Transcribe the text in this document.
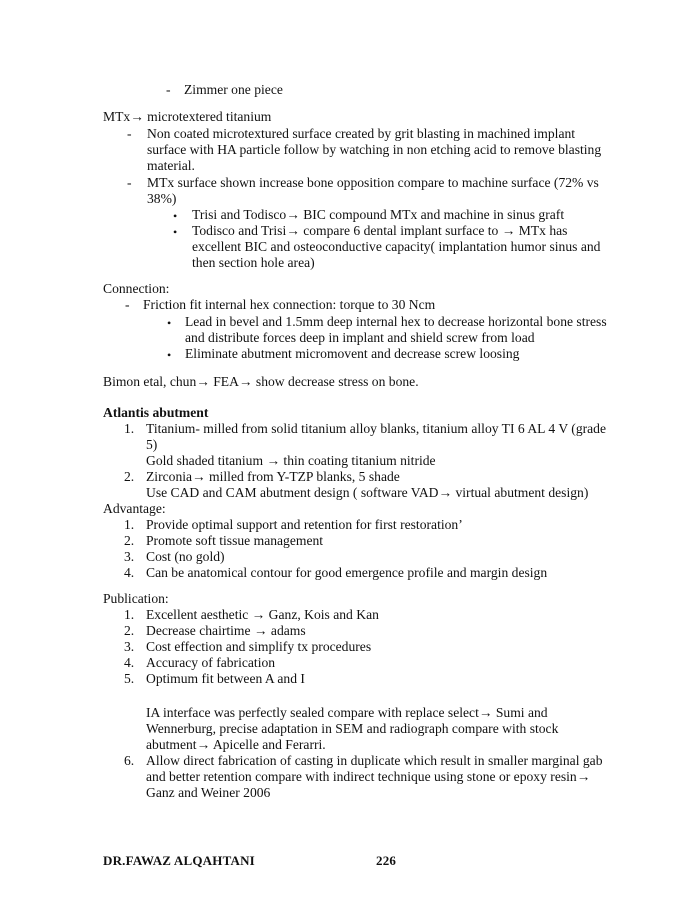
- Zimmer one piece
MTx→ microtextered titanium
- Non coated microtextured surface created by grit blasting in machined implant
surface with HA particle follow by watching in non etching acid to remove blasting
material.
- MTx surface shown increase bone opposition compare to machine surface (72% vs
38%)
• Trisi and Todisco→ BIC compound MTx and machine in sinus graft
• Todisco and Trisi→ compare 6 dental implant surface to → MTx has
excellent BIC and osteoconductive capacity( implantation humor sinus and
then section hole area)
Connection:
- Friction fit internal hex connection: torque to 30 Ncm
• Lead in bevel and 1.5mm deep internal hex to decrease horizontal bone stress
and distribute forces deep in implant and shield screw from load
• Eliminate abutment micromovent and decrease screw loosing
Bimon etal, chun→ FEA→ show decrease stress on bone.
Atlantis abutment
1. Titanium- milled from solid titanium alloy blanks, titanium alloy TI 6 AL 4 V (grade
5)
Gold shaded titanium → thin coating titanium nitride
2. Zirconia→ milled from Y-TZP blanks, 5 shade
Use CAD and CAM abutment design ( software VAD→ virtual abutment design)
Advantage:
1. Provide optimal support and retention for first restoration’
2. Promote soft tissue management
3. Cost (no gold)
4. Can be anatomical contour for good emergence profile and margin design
Publication:
1. Excellent aesthetic → Ganz, Kois and Kan
2. Decrease chairtime → adams
3. Cost effection and simplify tx procedures
4. Accuracy of fabrication
5. Optimum fit between A and I
IA interface was perfectly sealed compare with replace select→ Sumi and
Wennerburg, precise adaptation in SEM and radiograph compare with stock
abutment→ Apicelle and Ferarri.
6. Allow direct fabrication of casting in duplicate which result in smaller marginal gab
and better retention compare with indirect technique using stone or epoxy resin→
Ganz and Weiner 2006
DR.FAWAZ ALQAHTANI	226
